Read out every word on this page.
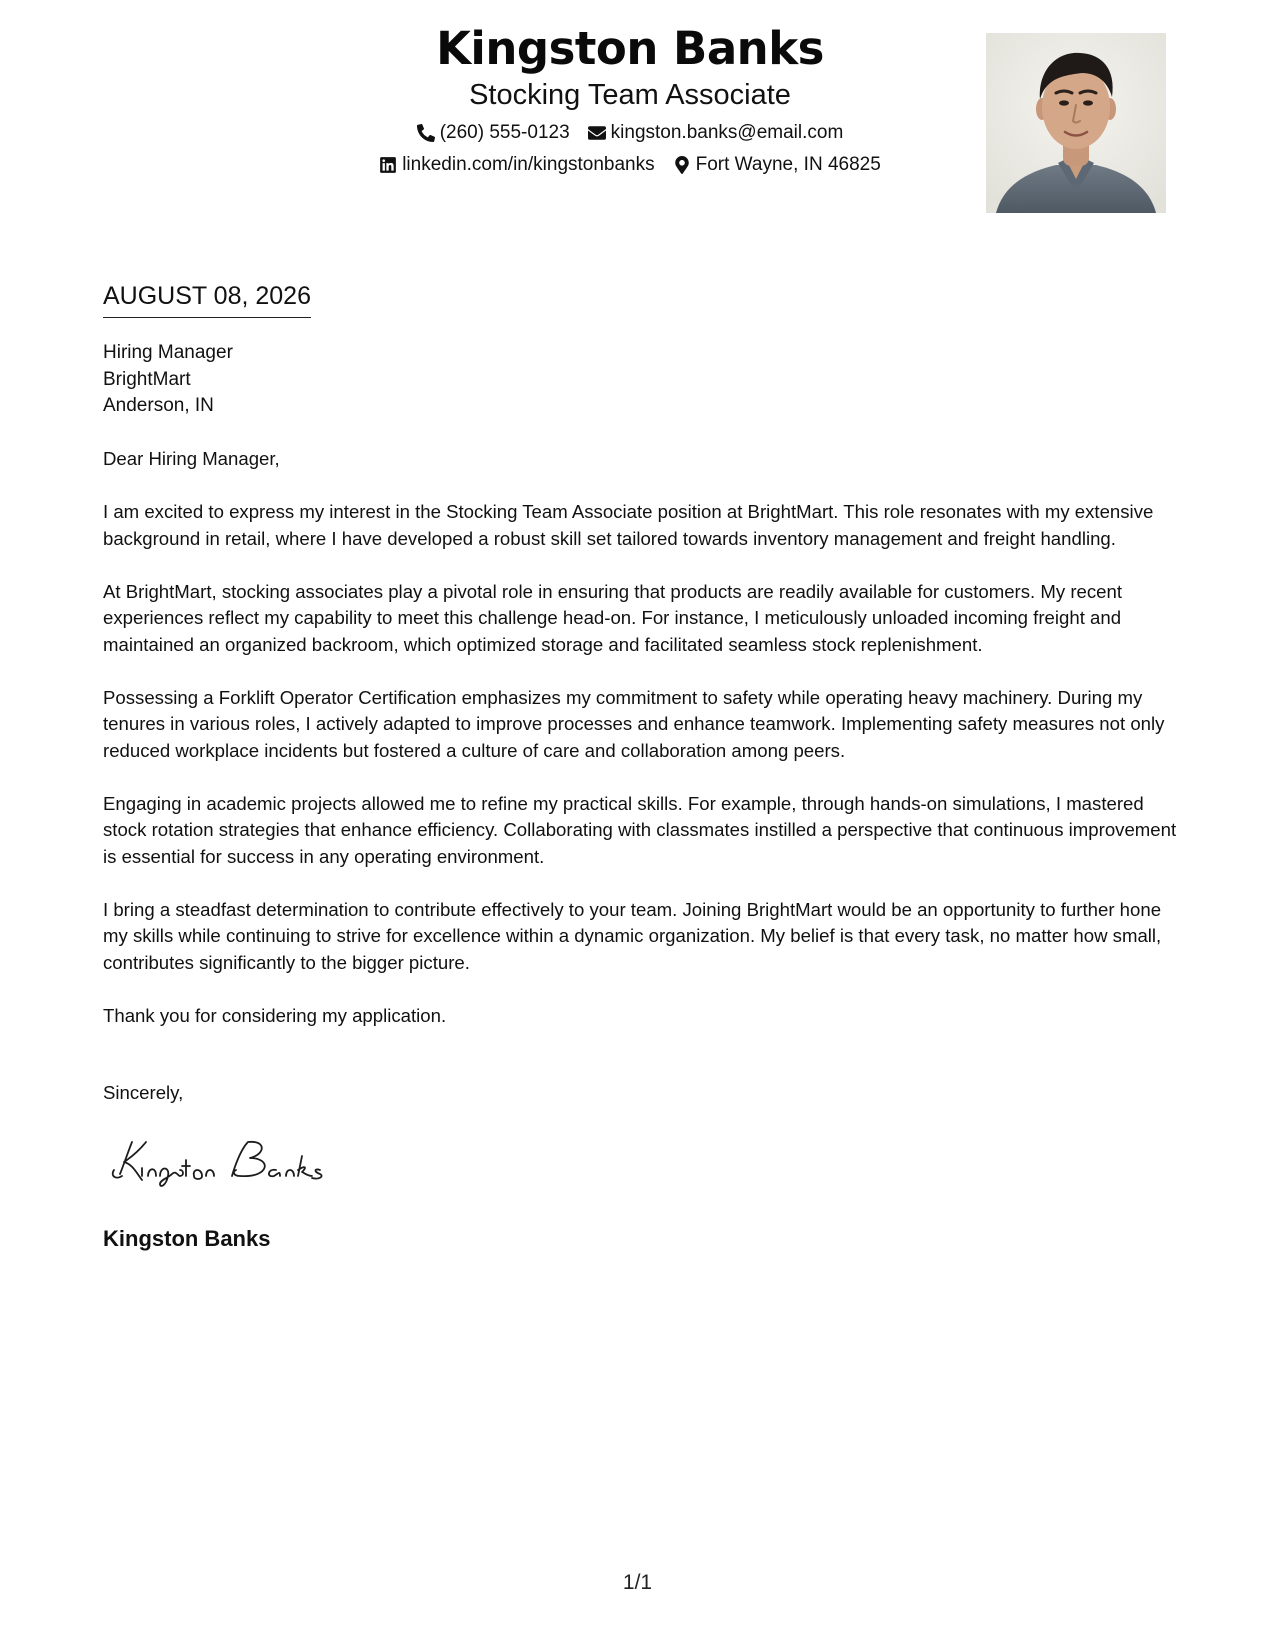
Kingston Banks
Stocking Team Associate
(260) 555-0123 kingston.banks@email.com
linkedin.com/in/kingstonbanks Fort Wayne, IN 46825
AUGUST 08, 2026
Hiring Manager
BrightMart
Anderson, IN

Dear Hiring Manager,

I am excited to express my interest in the Stocking Team Associate position at BrightMart. This role resonates with my extensive background in retail, where I have developed a robust skill set tailored towards inventory management and freight handling.

At BrightMart, stocking associates play a pivotal role in ensuring that products are readily available for customers. My recent experiences reflect my capability to meet this challenge head-on. For instance, I meticulously unloaded incoming freight and maintained an organized backroom, which optimized storage and facilitated seamless stock replenishment.

Possessing a Forklift Operator Certification emphasizes my commitment to safety while operating heavy machinery. During my tenures in various roles, I actively adapted to improve processes and enhance teamwork. Implementing safety measures not only reduced workplace incidents but fostered a culture of care and collaboration among peers.

Engaging in academic projects allowed me to refine my practical skills. For example, through hands-on simulations, I mastered stock rotation strategies that enhance efficiency. Collaborating with classmates instilled a perspective that continuous improvement is essential for success in any operating environment.

I bring a steadfast determination to contribute effectively to your team. Joining BrightMart would be an opportunity to further hone my skills while continuing to strive for excellence within a dynamic organization. My belief is that every task, no matter how small, contributes significantly to the bigger picture.

Thank you for considering my application.

Sincerely,
Kingston Banks
1/1
